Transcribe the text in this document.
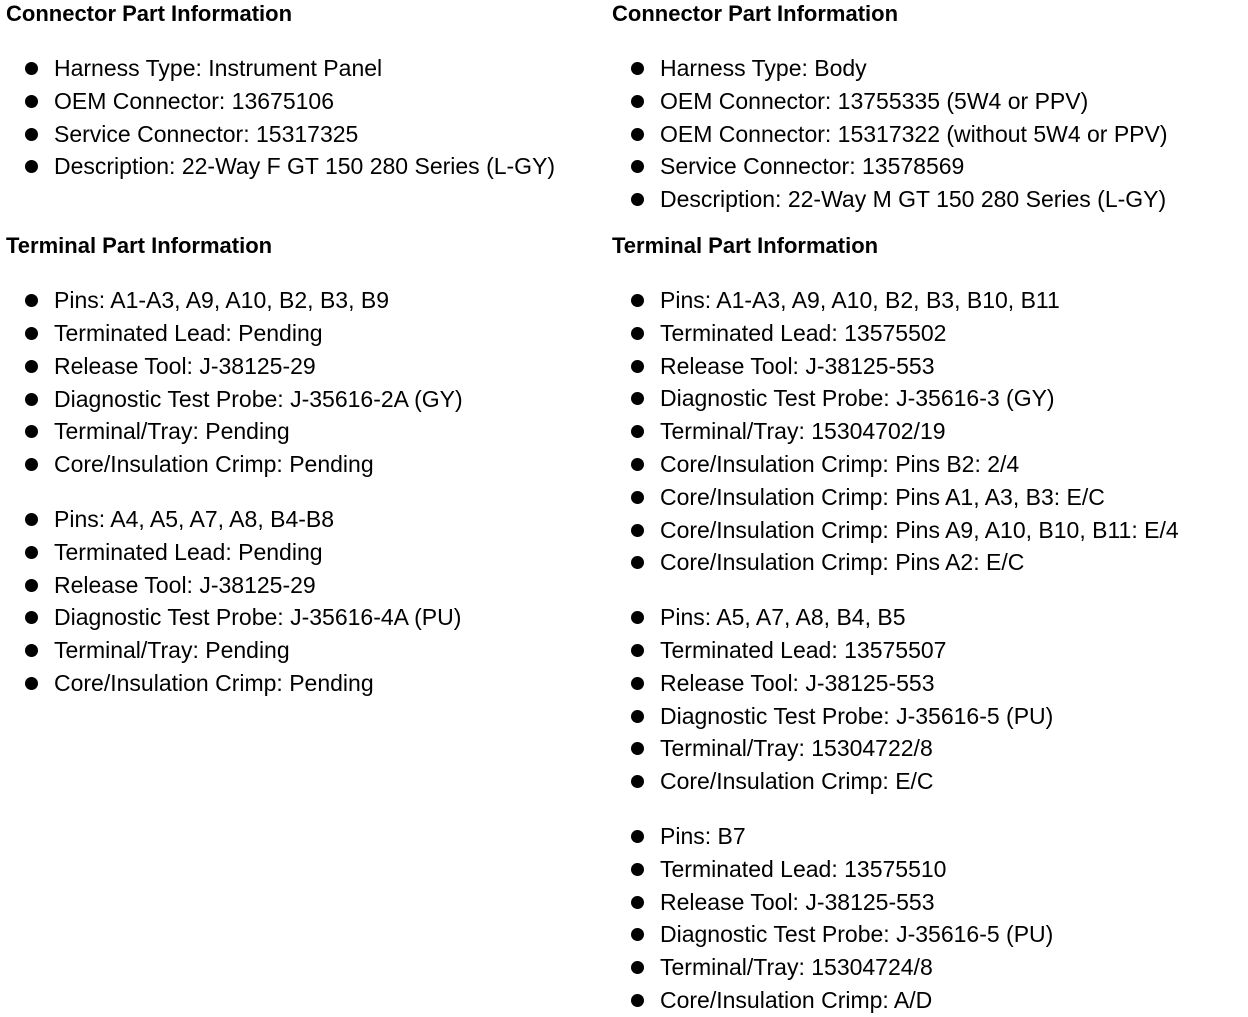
Connector Part Information
Harness Type: Instrument Panel
OEM Connector: 13675106
Service Connector: 15317325
Description: 22-Way F GT 150 280 Series (L-GY)
Terminal Part Information
Pins: A1-A3, A9, A10, B2, B3, B9
Terminated Lead: Pending
Release Tool: J-38125-29
Diagnostic Test Probe: J-35616-2A (GY)
Terminal/Tray: Pending
Core/Insulation Crimp: Pending
Pins: A4, A5, A7, A8, B4-B8
Terminated Lead: Pending
Release Tool: J-38125-29
Diagnostic Test Probe: J-35616-4A (PU)
Terminal/Tray: Pending
Core/Insulation Crimp: Pending
Connector Part Information
Harness Type: Body
OEM Connector: 13755335 (5W4 or PPV)
OEM Connector: 15317322 (without 5W4 or PPV)
Service Connector: 13578569
Description: 22-Way M GT 150 280 Series (L-GY)
Terminal Part Information
Pins: A1-A3, A9, A10, B2, B3, B10, B11
Terminated Lead: 13575502
Release Tool: J-38125-553
Diagnostic Test Probe: J-35616-3 (GY)
Terminal/Tray: 15304702/19
Core/Insulation Crimp: Pins B2: 2/4
Core/Insulation Crimp: Pins A1, A3, B3: E/C
Core/Insulation Crimp: Pins A9, A10, B10, B11: E/4
Core/Insulation Crimp: Pins A2: E/C
Pins: A5, A7, A8, B4, B5
Terminated Lead: 13575507
Release Tool: J-38125-553
Diagnostic Test Probe: J-35616-5 (PU)
Terminal/Tray: 15304722/8
Core/Insulation Crimp: E/C
Pins: B7
Terminated Lead: 13575510
Release Tool: J-38125-553
Diagnostic Test Probe: J-35616-5 (PU)
Terminal/Tray: 15304724/8
Core/Insulation Crimp: A/D
